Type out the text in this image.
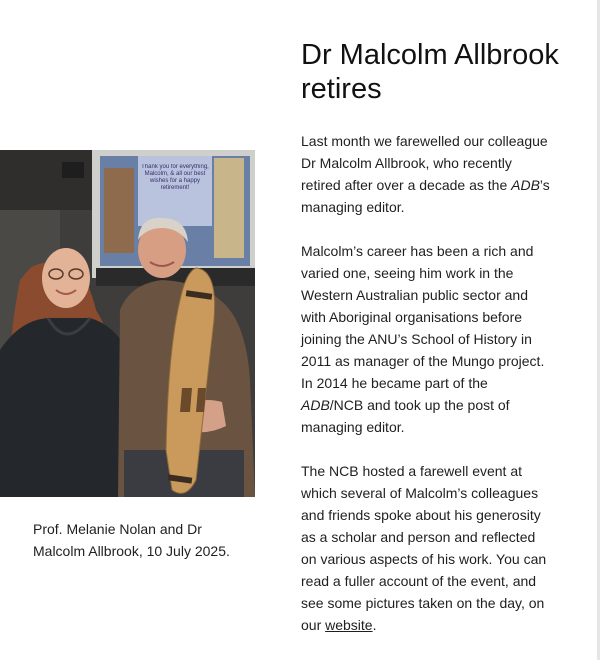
Thank you for everything, Malcolm, & all our best wishes for a happy retirement!
Prof. Melanie Nolan and Dr Malcolm Allbrook, 10 July 2025.
Dr Malcolm Allbrook retires

Last month we farewelled our colleague Dr Malcolm Allbrook, who recently retired after over a decade as the ADB’s managing editor.

Malcolm’s career has been a rich and varied one, seeing him work in the Western Australian public sector and with Aboriginal organisations before joining the ANU’s School of History in 2011 as manager of the Mungo project. In 2014 he became part of the ADB/NCB and took up the post of managing editor.

The NCB hosted a farewell event at which several of Malcolm’s colleagues and friends spoke about his generosity as a scholar and person and reflected on various aspects of his work. You can read a fuller account of the event, and see some pictures taken on the day, on our website.
